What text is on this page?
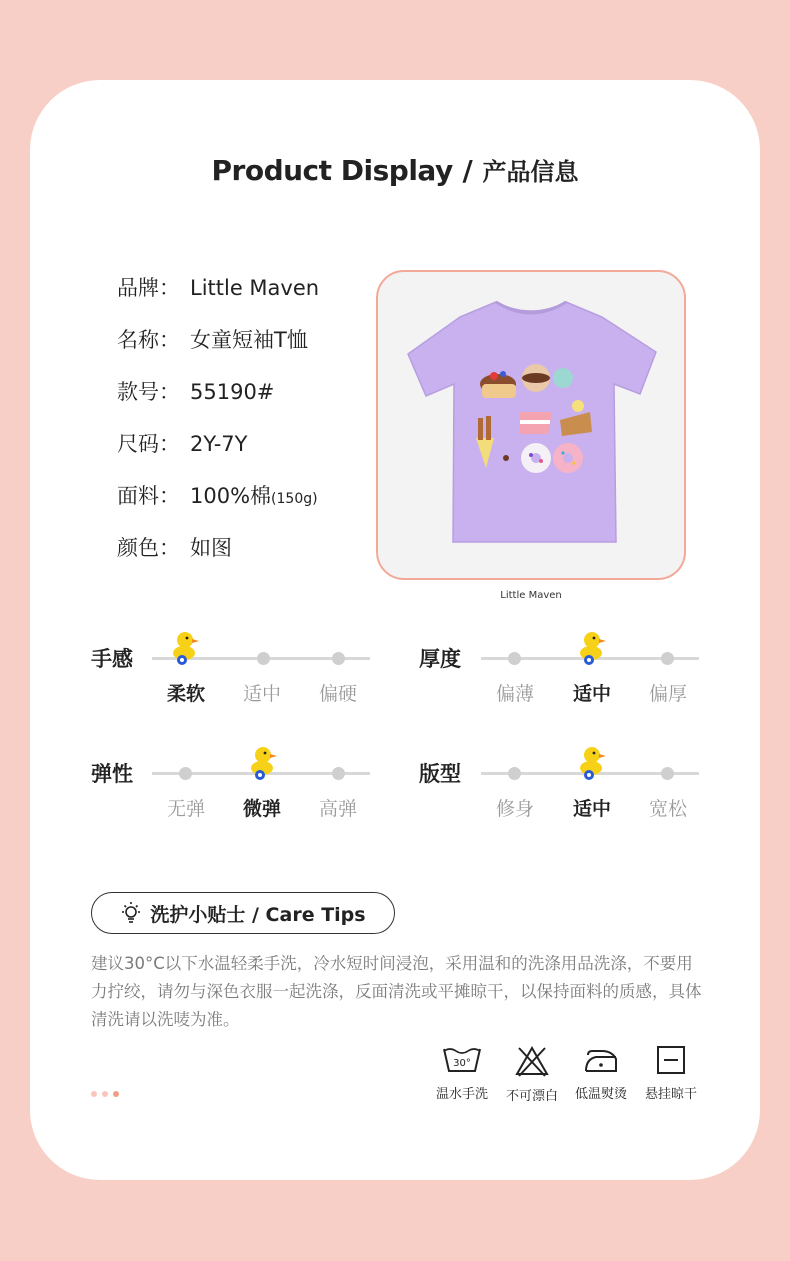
Product Display / 产品信息
品牌： Little Maven
名称： 女童短袖T恤
款号： 55190#
尺码： 2Y-7Y
面料： 100%棉(150g)
颜色： 如图
Little Maven
手感
柔软	适中	偏硬
厚度
偏薄	适中	偏厚
弹性
无弹	微弹	高弹
版型
修身	适中	宽松
洗护小贴士 / Care Tips
建议30°C以下水温轻柔手洗，冷水短时间浸泡，采用温和的洗涤用品洗涤，不要用力拧绞，请勿与深色衣服一起洗涤，反面清洗或平摊晾干，以保持面料的质感，具体清洗请以洗唛为准。
30°
温水手洗	不可漂白	低温熨烫	悬挂晾干
